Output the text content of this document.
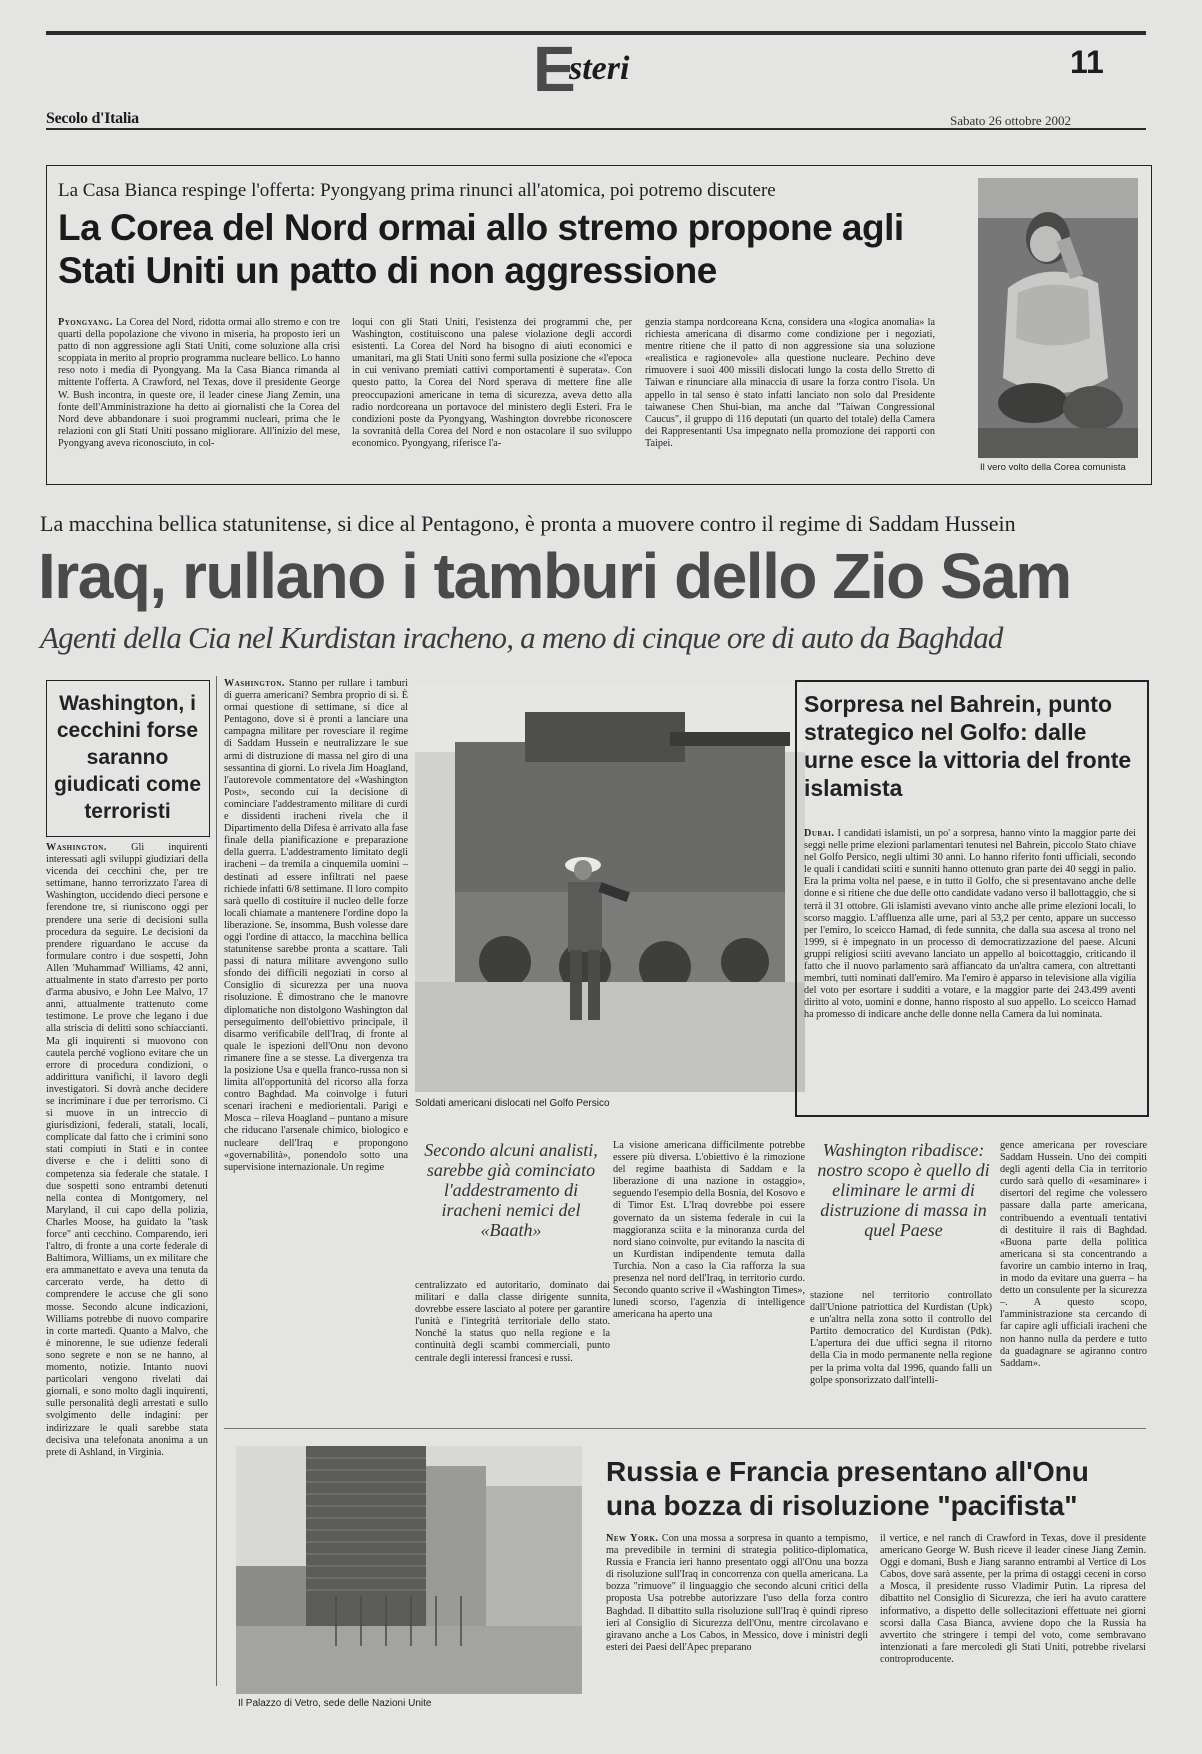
E
steri	11
Secolo d'Italia	Sabato 26 ottobre 2002
La Casa Bianca respinge l'offerta: Pyongyang prima rinunci all'atomica, poi potremo discutere
La Corea del Nord ormai allo stremo propone agli Stati Uniti un patto di non aggressione

Pyongyang. La Corea del Nord, ridotta ormai allo stremo e con tre quarti della popolazione che vivono in miseria, ha proposto ieri un patto di non aggressione agli Stati Uniti, come soluzione alla crisi scoppiata in merito al proprio programma nucleare bellico. Lo hanno reso noto i media di Pyongyang. Ma la Casa Bianca rimanda al mittente l'offerta. A Crawford, nel Texas, dove il presidente George W. Bush incontra, in queste ore, il leader cinese Jiang Zemin, una fonte dell'Amministrazione ha detto ai giornalisti che la Corea del Nord deve abbandonare i suoi programmi nucleari, prima che le relazioni con gli Stati Uniti possano migliorare. All'inizio del mese, Pyongyang aveva riconosciuto, in col-

loqui con gli Stati Uniti, l'esistenza dei programmi che, per Washington, costituiscono una palese violazione degli accordi esistenti. La Corea del Nord ha bisogno di aiuti economici e umanitari, ma gli Stati Uniti sono fermi sulla posizione che «l'epoca in cui venivano premiati cattivi comportamenti è superata». Con questo patto, la Corea del Nord sperava di mettere fine alle preoccupazioni americane in tema di sicurezza, aveva detto alla radio nordcoreana un portavoce del ministero degli Esteri. Fra le condizioni poste da Pyongyang, Washington dovrebbe riconoscere la sovranità della Corea del Nord e non ostacolare il suo sviluppo economico. Pyongyang, riferisce l'a-

genzia stampa nordcoreana Kcna, considera una «logica anomalia» la richiesta americana di disarmo come condizione per i negoziati, mentre ritiene che il patto di non aggressione sia una soluzione «realistica e ragionevole» alla questione nucleare. Pechino deve rimuovere i suoi 400 missili dislocati lungo la costa dello Stretto di Taiwan e rinunciare alla minaccia di usare la forza contro l'isola. Un appello in tal senso è stato infatti lanciato non solo dal Presidente taiwanese Chen Shui-bian, ma anche dal "Taiwan Congressional Caucus", il gruppo di 116 deputati (un quarto del totale) della Camera dei Rappresentanti Usa impegnato nella promozione dei rapporti con Taipei.

Il vero volto della Corea comunista
La macchina bellica statunitense, si dice al Pentagono, è pronta a muovere contro il regime di Saddam Hussein
Iraq, rullano i tamburi dello Zio Sam
Agenti della Cia nel Kurdistan iracheno, a meno di cinque ore di auto da Baghdad
Washington, i cecchini forse saranno giudicati come terroristi

Washington. Gli inquirenti interessati agli sviluppi giudiziari della vicenda dei cecchini che, per tre settimane, hanno terrorizzato l'area di Washington, uccidendo dieci persone e ferendone tre, si riuniscono oggi per prendere una serie di decisioni sulla procedura da seguire. Le decisioni da prendere riguardano le accuse da formulare contro i due sospetti, John Allen 'Muhammad' Williams, 42 anni, attualmente in stato d'arresto per porto d'arma abusivo, e John Lee Malvo, 17 anni, attualmente trattenuto come testimone. Le prove che legano i due alla striscia di delitti sono schiaccianti. Ma gli inquirenti si muovono con cautela perché vogliono evitare che un errore di procedura condizioni, o addirittura vanifichi, il lavoro degli investigatori. Si dovrà anche decidere se incriminare i due per terrorismo. Ci si muove in un intreccio di giurisdizioni, federali, statali, locali, complicate dal fatto che i crimini sono stati compiuti in Stati e in contee diverse e che i delitti sono di competenza sia federale che statale. I due sospetti sono entrambi detenuti nella contea di Montgomery, nel Maryland, il cui capo della polizia, Charles Moose, ha guidato la "task force" anti cecchino. Comparendo, ieri l'altro, di fronte a una corte federale di Baltimora, Williams, un ex militare che era ammanettato e aveva una tenuta da carcerato verde, ha detto di comprendere le accuse che gli sono mosse. Secondo alcune indicazioni, Williams potrebbe di nuovo comparire in corte martedì. Quanto a Malvo, che è minorenne, le sue udienze federali sono segrete e non se ne hanno, al momento, notizie. Intanto nuovi particolari vengono rivelati dai giornali, e sono molto dagli inquirenti, sulle personalità degli arrestati e sullo svolgimento delle indagini: per indirizzare le quali sarebbe stata decisiva una telefonata anonima a un prete di Ashland, in Virginia.

Washington. Stanno per rullare i tamburi di guerra americani? Sembra proprio di sì. È ormai questione di settimane, si dice al Pentagono, dove si è pronti a lanciare una campagna militare per rovesciare il regime di Saddam Hussein e neutralizzare le sue armi di distruzione di massa nel giro di una sessantina di giorni. Lo rivela Jim Hoagland, l'autorevole commentatore del «Washington Post», secondo cui la decisione di cominciare l'addestramento militare di curdi e dissidenti iracheni rivela che il Dipartimento della Difesa è arrivato alla fase finale della pianificazione e preparazione della guerra. L'addestramento limitato degli iracheni – da tremila a cinquemila uomini – destinati ad essere infiltrati nel paese richiede infatti 6/8 settimane. Il loro compito sarà quello di costituire il nucleo delle forze locali chiamate a mantenere l'ordine dopo la liberazione. Se, insomma, Bush volesse dare oggi l'ordine di attacco, la macchina bellica statunitense sarebbe pronta a scattare. Tali passi di natura militare avvengono sullo sfondo dei difficili negoziati in corso al Consiglio di sicurezza per una nuova risoluzione. È dimostrano che le manovre diplomatiche non distolgono Washington dal perseguimento dell'obiettivo principale, il disarmo verificabile dell'Iraq, di fronte al quale le ispezioni dell'Onu non devono rimanere fine a se stesse. La divergenza tra la posizione Usa e quella franco-russa non si limita all'opportunità del ricorso alla forza contro Baghdad. Ma coinvolge i futuri scenari iracheni e mediorientali. Parigi e Mosca – rileva Hoagland – puntano a misure che riducano l'arsenale chimico, biologico e nucleare dell'Iraq e propongono «governabilità», ponendolo sotto una supervisione internazionale. Un regime

Soldati americani dislocati nel Golfo Persico
Secondo alcuni analisti, sarebbe già cominciato l'addestramento di iracheni nemici del «Baath»

centralizzato ed autoritario, dominato dai militari e dalla classe dirigente sunnita, dovrebbe essere lasciato al potere per garantire l'unità e l'integrità territoriale dello stato. Nonché la status quo nella regione e la continuità degli scambi commerciali, punto centrale degli interessi francesi e russi.

La visione americana difficilmente potrebbe essere più diversa. L'obiettivo è la rimozione del regime baathista di Saddam e la liberazione di una nazione in ostaggio», seguendo l'esempio della Bosnia, del Kosovo e di Timor Est. L'Iraq dovrebbe poi essere governato da un sistema federale in cui la maggioranza sciita e la minoranza curda del nord siano coinvolte, pur evitando la nascita di un Kurdistan indipendente temuta dalla Turchia. Non a caso la Cia rafforza la sua presenza nel nord dell'Iraq, in territorio curdo. Secondo quanto scrive il «Washington Times», lunedì scorso, l'agenzia di intelligence americana ha aperto una

Sorpresa nel Bahrein, punto strategico nel Golfo: dalle urne esce la vittoria del fronte islamista

Dubai. I candidati islamisti, un po' a sorpresa, hanno vinto la maggior parte dei seggi nelle prime elezioni parlamentari tenutesi nel Bahrein, piccolo Stato chiave nel Golfo Persico, negli ultimi 30 anni. Lo hanno riferito fonti ufficiali, secondo le quali i candidati sciiti e sunniti hanno ottenuto gran parte dei 40 seggi in palio. Era la prima volta nel paese, e in tutto il Golfo, che si presentavano anche delle donne e si ritiene che due delle otto candidate vadano verso il ballottaggio, che si terrà il 31 ottobre. Gli islamisti avevano vinto anche alle prime elezioni locali, lo scorso maggio. L'affluenza alle urne, pari al 53,2 per cento, appare un successo per l'emiro, lo sceicco Hamad, di fede sunnita, che dalla sua ascesa al trono nel 1999, si è impegnato in un processo di democratizzazione del paese. Alcuni gruppi religiosi sciiti avevano lanciato un appello al boicottaggio, criticando il fatto che il nuovo parlamento sarà affiancato da un'altra camera, con altrettanti membri, tutti nominati dall'emiro. Ma l'emiro è apparso in televisione alla vigilia del voto per esortare i sudditi a votare, e la maggior parte dei 243.499 aventi diritto al voto, uomini e donne, hanno risposto al suo appello. Lo sceicco Hamad ha promesso di indicare anche delle donne nella Camera da lui nominata.

Washington ribadisce: nostro scopo è quello di eliminare le armi di distruzione di massa in quel Paese

stazione nel territorio controllato dall'Unione patriottica del Kurdistan (Upk) e un'altra nella zona sotto il controllo del Partito democratico del Kurdistan (Pdk). L'apertura dei due uffici segna il ritorno della Cia in modo permanente nella regione per la prima volta dal 1996, quando falli un golpe sponsorizzato dall'intelli-

gence americana per rovesciare Saddam Hussein. Uno dei compiti degli agenti della Cia in territorio curdo sarà quello di «esaminare» i disertori del regime che volessero passare dalla parte americana, contribuendo a eventuali tentativi di destituire il rais di Baghdad. «Buona parte della politica americana si sta concentrando a favorire un cambio interno in Iraq, in modo da evitare una guerra – ha detto un consulente per la sicurezza –. A questo scopo, l'amministrazione sta cercando di far capire agli ufficiali iracheni che non hanno nulla da perdere e tutto da guadagnare se agiranno contro Saddam».

Il Palazzo di Vetro, sede delle Nazioni Unite
Russia e Francia presentano all'Onu una bozza di risoluzione "pacifista"

New York. Con una mossa a sorpresa in quanto a tempismo, ma prevedibile in termini di strategia politico-diplomatica, Russia e Francia ieri hanno presentato oggi all'Onu una bozza di risoluzione sull'Iraq in concorrenza con quella americana. La bozza "rimuove" il linguaggio che secondo alcuni critici della proposta Usa potrebbe autorizzare l'uso della forza contro Baghdad. Il dibattito sulla risoluzione sull'Iraq è quindi ripreso ieri al Consiglio di Sicurezza dell'Onu, mentre circolavano e giravano anche a Los Cabos, in Messico, dove i ministri degli esteri dei Paesi dell'Apec preparano

il vertice, e nel ranch di Crawford in Texas, dove il presidente americano George W. Bush riceve il leader cinese Jiang Zemin. Oggi e domani, Bush e Jiang saranno entrambi al Vertice di Los Cabos, dove sarà assente, per la prima di ostaggi ceceni in corso a Mosca, il presidente russo Vladimir Putin. La ripresa del dibattito nel Consiglio di Sicurezza, che ieri ha avuto carattere informativo, a dispetto delle sollecitazioni effettuate nei giorni scorsi dalla Casa Bianca, avviene dopo che la Russia ha avvertito che stringere i tempi del voto, come sembravano intenzionati a fare mercoledì gli Stati Uniti, potrebbe rivelarsi controproducente.
